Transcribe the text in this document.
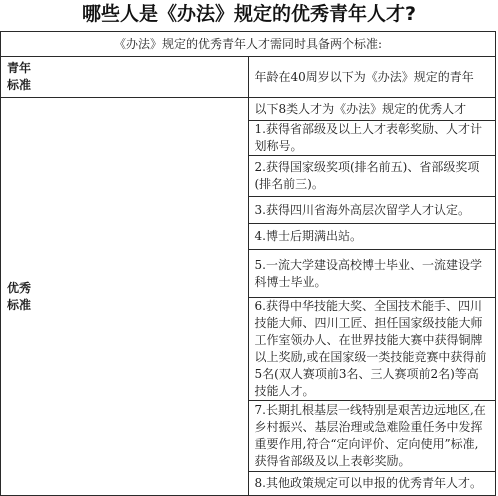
哪些人是《办法》规定的优秀青年人才?
《办法》规定的优秀青年人才需同时具备两个标准:	

青年
标准	年龄在40周岁以下为《办法》规定的青年

优秀
标准	以下8类人才为《办法》规定的优秀人才
	1.获得省部级及以上人才表彰奖励、人才计划称号。
	2.获得国家级奖项(排名前五)、省部级奖项(排名前三)。
	3.获得四川省海外高层次留学人才认定。
	4.博士后期满出站。
	5.一流大学建设高校博士毕业、一流建设学科博士毕业。
	6.获得中华技能大奖、全国技术能手、四川技能大师、四川工匠、担任国家级技能大师工作室领办人、在世界技能大赛中获得铜牌以上奖励,或在国家级一类技能竞赛中获得前5名(双人赛项前3名、三人赛项前2名)等高技能人才。
	7.长期扎根基层一线特别是艰苦边远地区,在乡村振兴、基层治理或急难险重任务中发挥重要作用,符合“定向评价、定向使用”标准,获得省部级及以上表彰奖励。
	8.其他政策规定可以申报的优秀青年人才。
